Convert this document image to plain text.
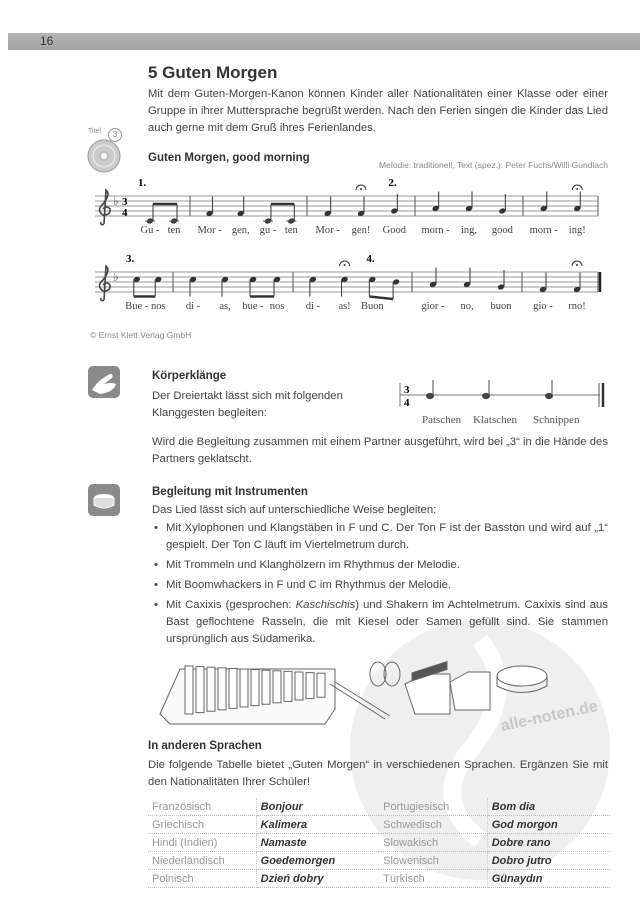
16
5 Guten Morgen
Mit dem Guten-Morgen-Kanon können Kinder aller Nationalitäten einer Klasse oder einer Gruppe in ihrer Muttersprache begrüßt werden. Nach den Ferien singen die Kinder das Lied auch gerne mit dem Gruß ihres Ferienlandes.
Titel	3
Guten Morgen, good morning
Melodie: traditionell, Text (spez.): Peter Fuchs/Willi Gundlach
♭ 3
4
Gu - ten
1.
Mor - gen, gu - ten Mor - gen!
2.
Good morn - ing, good morn - ing!
♭
Bue - nos
3.
di - as, bue - nos di - as!
4.
Buon	gior - no, buon gio - rno!
© Ernst Klett Verlag GmbH
Körperklänge
Der Dreiertakt lässt sich mit folgenden Klanggesten begleiten:
3
4
Patschen Klatschen Schnippen
Wird die Begleitung zusammen mit einem Partner ausgeführt, wird bei „3“ in die Hände des Partners geklatscht.
Begleitung mit Instrumenten
Das Lied lässt sich auf unterschiedliche Weise begleiten:
• Mit Xylophonen und Klangstäben in F und C. Der Ton F ist der Basston und wird auf „1“ gespielt. Der Ton C läuft im Viertelmetrum durch.
• Mit Trommeln und Klanghölzern im Rhythmus der Melodie.
• Mit Boomwhackers in F und C im Rhythmus der Melodie.
• Mit Caxixis (gesprochen: Kaschischis) und Shakern im Achtelmetrum. Caxixis sind aus Bast geflochtene Rasseln, die mit Kiesel oder Samen gefüllt sind. Sie stammen ursprünglich aus Südamerika.
alle-noten.de
In anderen Sprachen
Die folgende Tabelle bietet „Guten Morgen“ in verschiedenen Sprachen. Ergänzen Sie mit den Nationalitäten Ihrer Schüler!
Französisch	Bonjour	Portugiesisch	Bom dia
Griechisch	Kalimera	Schwedisch	God morgon
Hindi (Indien)	Namaste	Slowakisch	Dobre rano
Niederländisch	Goedemorgen	Slowenisch	Dobro jutro
Polnisch	Dzień dobry	Türkisch	Günaydın
